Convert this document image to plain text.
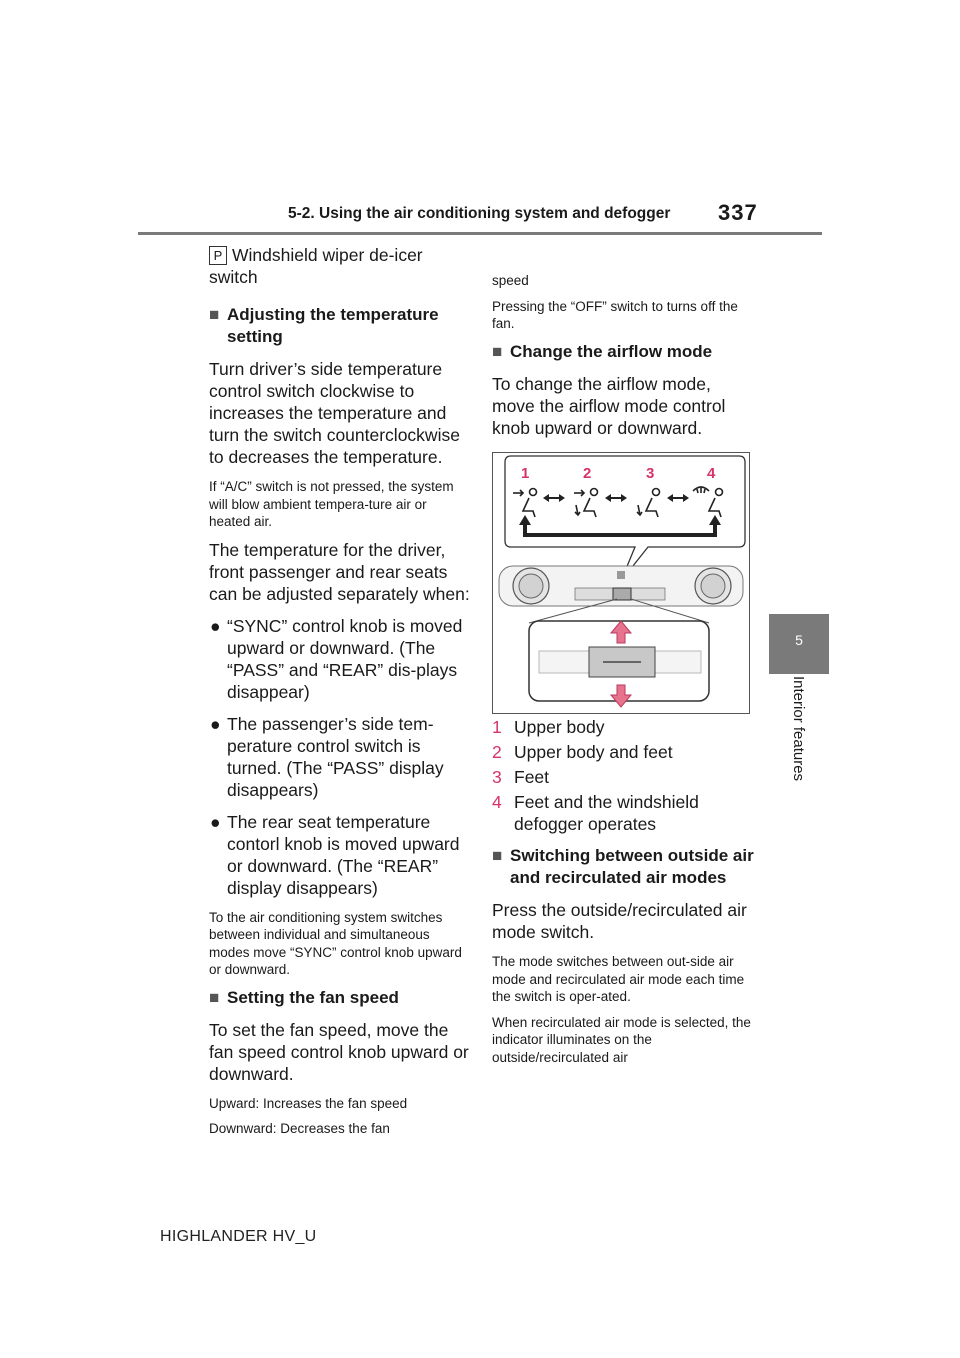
5-2. Using the air conditioning system and defogger 337
5
Interior features
P Windshield wiper de-icer switch
■ Adjusting the temperature setting

Turn driver’s side temperature control switch clockwise to increases the temperature and turn the switch counterclockwise to decreases the temperature.

If “A/C” switch is not pressed, the system will blow ambient tempera-ture air or heated air.

The temperature for the driver, front passenger and rear seats can be adjusted separately when:

● “SYNC” control knob is moved upward or downward. (The “PASS” and “REAR” dis-plays disappear)
● The passenger’s side tem-perature control switch is turned. (The “PASS” display disappears)
● The rear seat temperature contorl knob is moved upward or downward. (The “REAR” display disappears)

To the air conditioning system switches between individual and simultaneous modes move “SYNC” control knob upward or downward.

■ Setting the fan speed

To set the fan speed, move the fan speed control knob upward or downward.

Upward: Increases the fan speed

Downward: Decreases the fan

speed

Pressing the “OFF” switch to turns off the fan.

■ Change the airflow mode

To change the airflow mode, move the airflow mode control knob upward or downward.

1	2	3	4
1 Upper body
2 Upper body and feet
3 Feet
4 Feet and the windshield defogger operates
■ Switching between outside air and recirculated air modes

Press the outside/recirculated air mode switch.

The mode switches between out-side air mode and recirculated air mode each time the switch is oper-ated.

When recirculated air mode is selected, the indicator illuminates on the outside/recirculated air

HIGHLANDER HV_U
